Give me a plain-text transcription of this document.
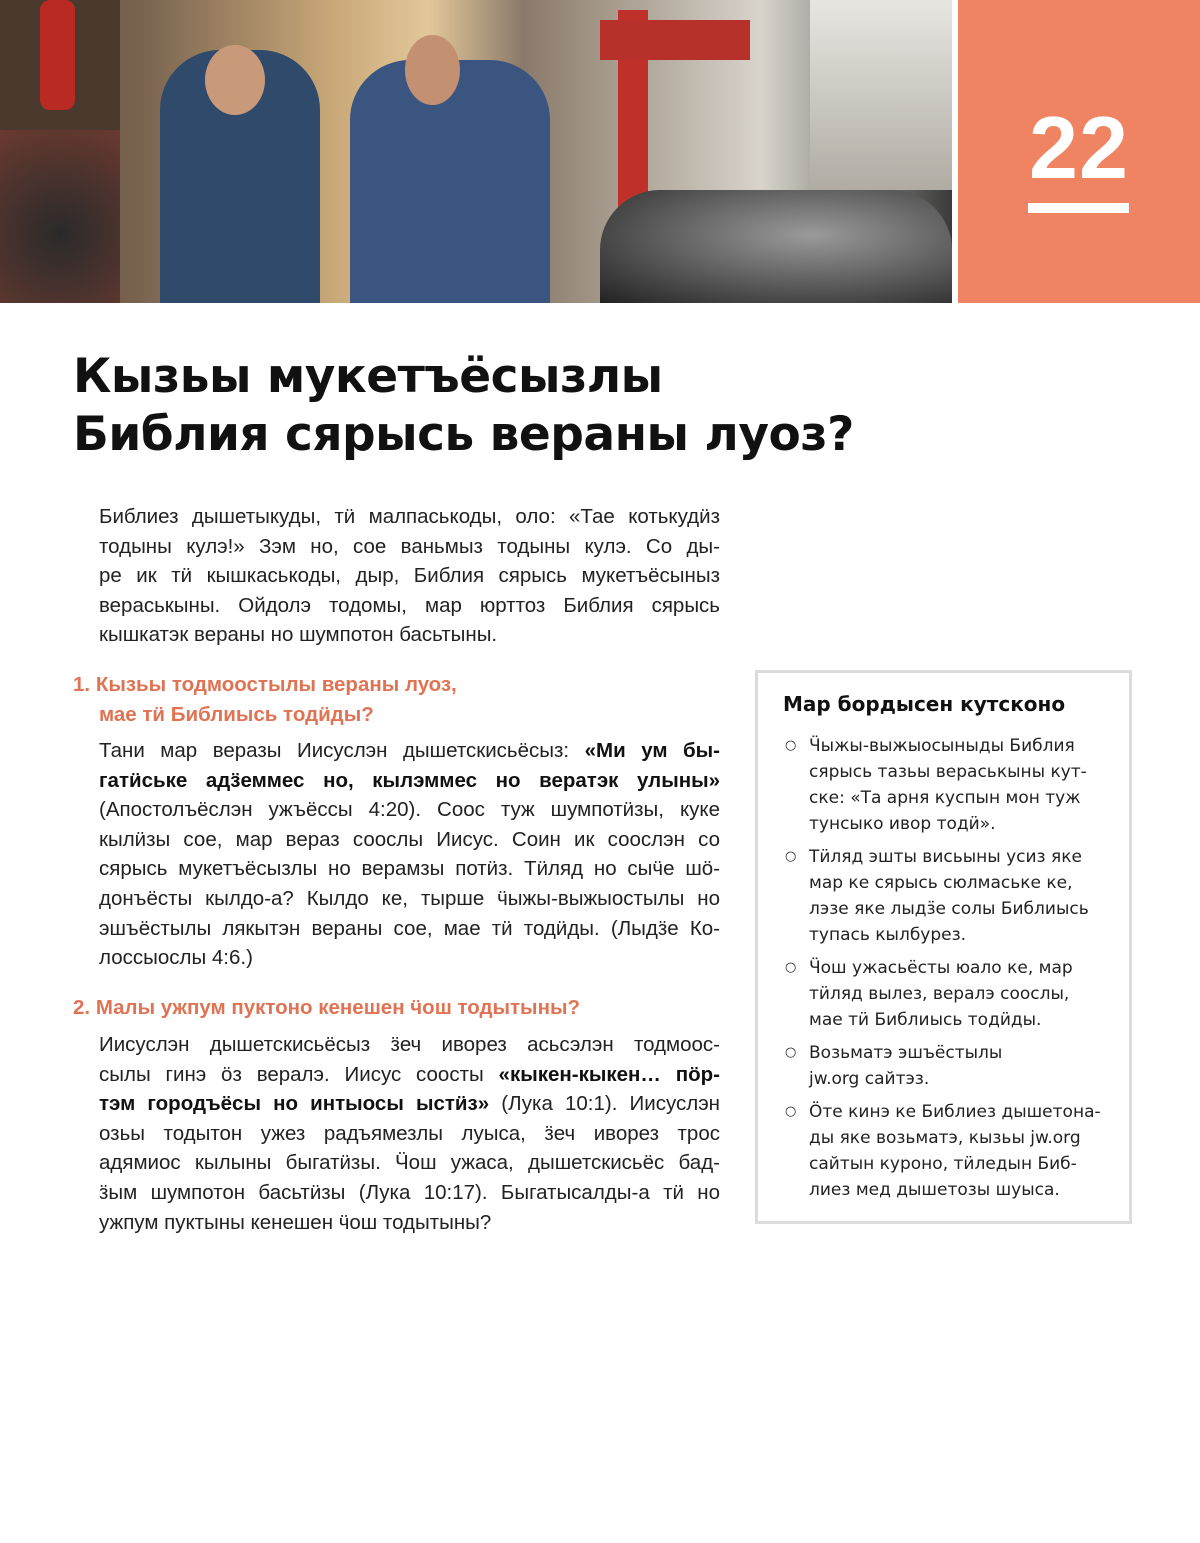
22
Кызьы мукетъёсызлы
Библия сярысь вераны луоз?
Библиез дышетыкуды, тӥ малпаськоды, оло: «Тае котькудӥз
тодыны кулэ!» Зэм но, сое ваньмыз тодыны кулэ. Со ды-
ре ик тӥ кышкаськоды, дыр, Библия сярысь мукетъёсыныз
вераськыны. Ойдолэ тодомы, мар юрттоз Библия сярысь
кышкатэк вераны но шумпотон басьтыны.
1. Кызьы тодмоостылы вераны луоз,
мае тӥ Библиысь тодӥды?
Тани мар веразы Иисуслэн дышетскисьёсыз: «Ми ум бы-
гатӥське адӟеммес но, кылэммес но вератэк улыны»
(Апостолъёслэн ужъёссы 4:20). Соос туж шумпотӥзы, куке
кылӥзы сое, мар вераз соослы Иисус. Соин ик соослэн со
сярысь мукетъёсызлы но верамзы потӥз. Тӥляд но сыӵе шӧ-
донъёсты кылдо-а? Кылдо ке, тырше ӵыжы-выжыостылы но
эшъёстылы лякытэн вераны сое, мае тӥ тодӥды. (Лыдӟе Ко-
лоссыослы 4:6.)
2. Малы ужпум пуктоно кенешен ӵош тодытыны?
Иисуслэн дышетскисьёсыз ӟеч иворез асьсэлэн тодмоос-
сылы гинэ ӧз вералэ. Иисус соосты «кыкен-кыкен… пӧр-
тэм городъёсы но интыосы ыстӥз» (Лука 10:1). Иисуслэн
озьы тодытон ужез радъямезлы луыса, ӟеч иворез трос
адямиос кылыны быгатӥзы. Ӵош ужаса, дышетскисьёс бад-
ӟым шумпотон басьтӥзы (Лука 10:17). Быгатысалды-а тӥ но
ужпум пуктыны кенешен ӵош тодытыны?
Мар бордысен кутсконо
○ Ӵыжы-выжыосыныды Библия
сярысь тазьы вераськыны кут-
ске: «Та арня куспын мон туж
тунсыко ивор тодӥ».
○ Тӥляд эшты висьыны усиз яке
мар ке сярысь сюлмаське ке,
лэзе яке лыдӟе солы Библиысь
тупась кылбурез.
○ Ӵош ужасьёсты юало ке, мар
тӥляд вылез, вералэ соослы,
мае тӥ Библиысь тодӥды.
○ Возьматэ эшъёстылы
jw.org сайтэз.
○ Ӧте кинэ ке Библиез дышетона-
ды яке возьматэ, кызьы jw.org
сайтын куроно, тӥледын Биб-
лиез мед дышетозы шуыса.
